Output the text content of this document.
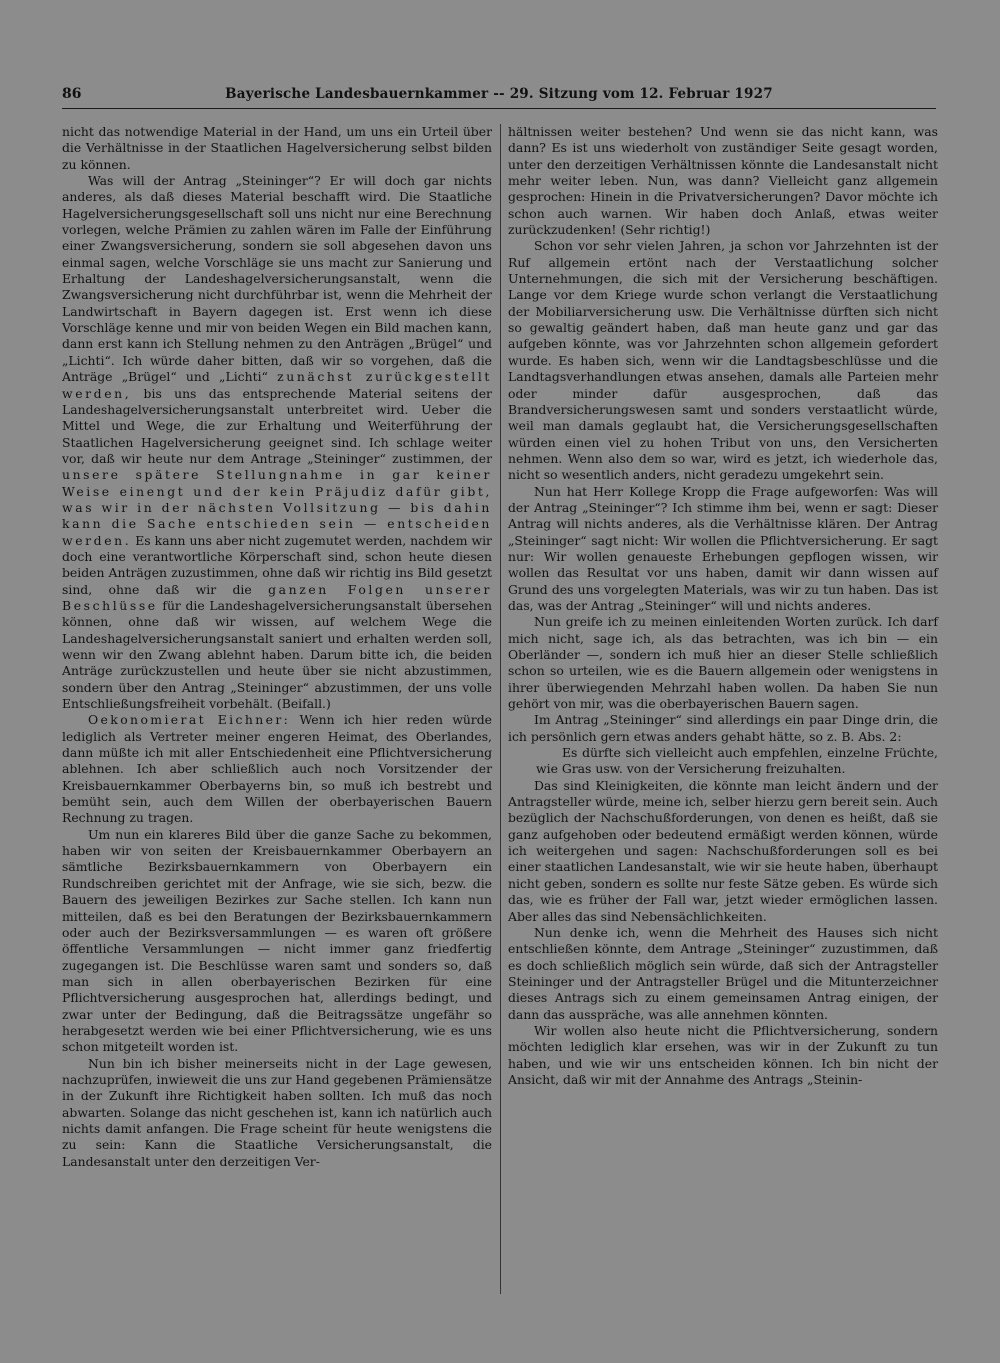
86	Bayerische Landesbauernkammer -- 29. Sitzung vom 12. Februar 1927

nicht das notwendige Material in der Hand, um uns ein Urteil über die Verhältnisse in der Staatlichen Hagelversicherung selbst bilden zu können.

Was will der Antrag „Steininger“? Er will doch gar nichts anderes, als daß dieses Material beschafft wird. Die Staatliche Hagelversicherungsgesellschaft soll uns nicht nur eine Berechnung vorlegen, welche Prämien zu zahlen wären im Falle der Einführung einer Zwangsversicherung, sondern sie soll abgesehen davon uns einmal sagen, welche Vorschläge sie uns macht zur Sanierung und Erhaltung der Landeshagelversicherungsanstalt, wenn die Zwangsversicherung nicht durchführbar ist, wenn die Mehrheit der Landwirtschaft in Bayern dagegen ist. Erst wenn ich diese Vorschläge kenne und mir von beiden Wegen ein Bild machen kann, dann erst kann ich Stellung nehmen zu den Anträgen „Brügel“ und „Lichti“. Ich würde daher bitten, daß wir so vorgehen, daß die Anträge „Brügel“ und „Lichti“ zunächst zurückgestellt werden, bis uns das entsprechende Material seitens der Landeshagelversicherungsanstalt unterbreitet wird. Ueber die Mittel und Wege, die zur Erhaltung und Weiterführung der Staatlichen Hagelversicherung geeignet sind. Ich schlage weiter vor, daß wir heute nur dem Antrage „Steininger“ zustimmen, der unsere spätere Stellungnahme in gar keiner Weise einengt und der kein Präjudiz dafür gibt, was wir in der nächsten Vollsitzung — bis dahin kann die Sache entschieden sein — entscheiden werden. Es kann uns aber nicht zugemutet werden, nachdem wir doch eine verantwortliche Körperschaft sind, schon heute diesen beiden Anträgen zuzustimmen, ohne daß wir richtig ins Bild gesetzt sind, ohne daß wir die ganzen Folgen unserer Beschlüsse für die Landeshagelversicherungsanstalt übersehen können, ohne daß wir wissen, auf welchem Wege die Landeshagelversicherungsanstalt saniert und erhalten werden soll, wenn wir den Zwang ablehnt haben. Darum bitte ich, die beiden Anträge zurückzustellen und heute über sie nicht abzustimmen, sondern über den Antrag „Steininger“ abzustimmen, der uns volle Entschließungsfreiheit vorbehält. (Beifall.)

Oekonomierat Eichner: Wenn ich hier reden würde lediglich als Vertreter meiner engeren Heimat, des Oberlandes, dann müßte ich mit aller Entschiedenheit eine Pflichtversicherung ablehnen. Ich aber schließlich auch noch Vorsitzender der Kreisbauernkammer Oberbayerns bin, so muß ich bestrebt und bemüht sein, auch dem Willen der oberbayerischen Bauern Rechnung zu tragen.

Um nun ein klareres Bild über die ganze Sache zu bekommen, haben wir von seiten der Kreisbauernkammer Oberbayern an sämtliche Bezirksbauernkammern von Oberbayern ein Rundschreiben gerichtet mit der Anfrage, wie sie sich, bezw. die Bauern des jeweiligen Bezirkes zur Sache stellen. Ich kann nun mitteilen, daß es bei den Beratungen der Bezirksbauernkammern oder auch der Bezirksversammlungen — es waren oft größere öffentliche Versammlungen — nicht immer ganz friedfertig zugegangen ist. Die Beschlüsse waren samt und sonders so, daß man sich in allen oberbayerischen Bezirken für eine Pflichtversicherung ausgesprochen hat, allerdings bedingt, und zwar unter der Bedingung, daß die Beitragssätze ungefähr so herabgesetzt werden wie bei einer Pflichtversicherung, wie es uns schon mitgeteilt worden ist.

Nun bin ich bisher meinerseits nicht in der Lage gewesen, nachzuprüfen, inwieweit die uns zur Hand gegebenen Prämiensätze in der Zukunft ihre Richtigkeit haben sollten. Ich muß das noch abwarten. Solange das nicht geschehen ist, kann ich natürlich auch nichts damit anfangen. Die Frage scheint für heute wenigstens die zu sein: Kann die Staatliche Versicherungsanstalt, die Landesanstalt unter den derzeitigen Ver-

hältnissen weiter bestehen? Und wenn sie das nicht kann, was dann? Es ist uns wiederholt von zuständiger Seite gesagt worden, unter den derzeitigen Verhältnissen könnte die Landesanstalt nicht mehr weiter leben. Nun, was dann? Vielleicht ganz allgemein gesprochen: Hinein in die Privatversicherungen? Davor möchte ich schon auch warnen. Wir haben doch Anlaß, etwas weiter zurückzudenken! (Sehr richtig!)

Schon vor sehr vielen Jahren, ja schon vor Jahrzehnten ist der Ruf allgemein ertönt nach der Verstaatlichung solcher Unternehmungen, die sich mit der Versicherung beschäftigen. Lange vor dem Kriege wurde schon verlangt die Verstaatlichung der Mobiliarversicherung usw. Die Verhältnisse dürften sich nicht so gewaltig geändert haben, daß man heute ganz und gar das aufgeben könnte, was vor Jahrzehnten schon allgemein gefordert wurde. Es haben sich, wenn wir die Landtagsbeschlüsse und die Landtagsverhandlungen etwas ansehen, damals alle Parteien mehr oder minder dafür ausgesprochen, daß das Brandversicherungswesen samt und sonders verstaatlicht würde, weil man damals geglaubt hat, die Versicherungsgesellschaften würden einen viel zu hohen Tribut von uns, den Versicherten nehmen. Wenn also dem so war, wird es jetzt, ich wiederhole das, nicht so wesentlich anders, nicht geradezu umgekehrt sein.

Nun hat Herr Kollege Kropp die Frage aufgeworfen: Was will der Antrag „Steininger“? Ich stimme ihm bei, wenn er sagt: Dieser Antrag will nichts anderes, als die Verhältnisse klären. Der Antrag „Steininger“ sagt nicht: Wir wollen die Pflichtversicherung. Er sagt nur: Wir wollen genaueste Erhebungen gepflogen wissen, wir wollen das Resultat vor uns haben, damit wir dann wissen auf Grund des uns vorgelegten Materials, was wir zu tun haben. Das ist das, was der Antrag „Steininger“ will und nichts anderes.

Nun greife ich zu meinen einleitenden Worten zurück. Ich darf mich nicht, sage ich, als das betrachten, was ich bin — ein Oberländer —, sondern ich muß hier an dieser Stelle schließlich schon so urteilen, wie es die Bauern allgemein oder wenigstens in ihrer überwiegenden Mehrzahl haben wollen. Da haben Sie nun gehört von mir, was die oberbayerischen Bauern sagen.

Im Antrag „Steininger“ sind allerdings ein paar Dinge drin, die ich persönlich gern etwas anders gehabt hätte, so z. B. Abs. 2:

Es dürfte sich vielleicht auch empfehlen, einzelne Früchte, wie Gras usw. von der Versicherung freizuhalten.

Das sind Kleinigkeiten, die könnte man leicht ändern und der Antragsteller würde, meine ich, selber hierzu gern bereit sein. Auch bezüglich der Nachschußforderungen, von denen es heißt, daß sie ganz aufgehoben oder bedeutend ermäßigt werden können, würde ich weitergehen und sagen: Nachschußforderungen soll es bei einer staatlichen Landesanstalt, wie wir sie heute haben, überhaupt nicht geben, sondern es sollte nur feste Sätze geben. Es würde sich das, wie es früher der Fall war, jetzt wieder ermöglichen lassen. Aber alles das sind Nebensächlichkeiten.

Nun denke ich, wenn die Mehrheit des Hauses sich nicht entschließen könnte, dem Antrage „Steininger“ zuzustimmen, daß es doch schließlich möglich sein würde, daß sich der Antragsteller Steininger und der Antragsteller Brügel und die Mitunterzeichner dieses Antrags sich zu einem gemeinsamen Antrag einigen, der dann das ausspräche, was alle annehmen könnten.

Wir wollen also heute nicht die Pflichtversicherung, sondern möchten lediglich klar ersehen, was wir in der Zukunft zu tun haben, und wie wir uns entscheiden können. Ich bin nicht der Ansicht, daß wir mit der Annahme des Antrags „Steinin-
